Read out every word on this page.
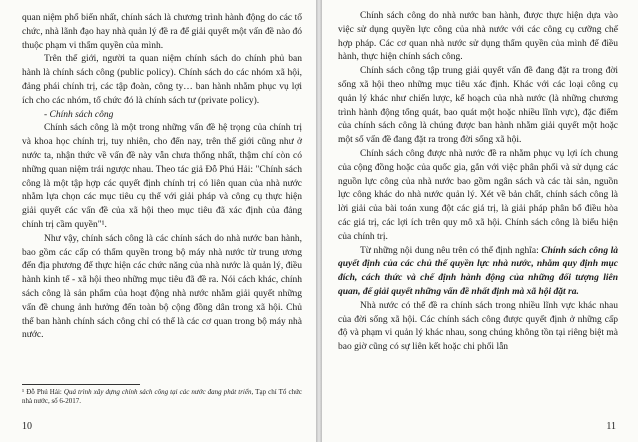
quan niệm phổ biến nhất, chính sách là chương trình hành động do các tổ chức, nhà lãnh đạo hay nhà quản lý đề ra để giải quyết một vấn đề nào đó thuộc phạm vi thẩm quyền của mình.

Trên thế giới, người ta quan niệm chính sách do chính phủ ban hành là chính sách công (public policy). Chính sách do các nhóm xã hội, đảng phái chính trị, các tập đoàn, công ty… ban hành nhằm phục vụ lợi ích cho các nhóm, tổ chức đó là chính sách tư (private policy).

- Chính sách công

Chính sách công là một trong những vấn đề hệ trọng của chính trị và khoa học chính trị, tuy nhiên, cho đến nay, trên thế giới cũng như ở nước ta, nhận thức về vấn đề này vẫn chưa thống nhất, thậm chí còn có những quan niệm trái ngược nhau. Theo tác giả Đỗ Phú Hải: "Chính sách công là một tập hợp các quyết định chính trị có liên quan của nhà nước nhằm lựa chọn các mục tiêu cụ thể với giải pháp và công cụ thực hiện giải quyết các vấn đề của xã hội theo mục tiêu đã xác định của đảng chính trị cầm quyền"¹.

Như vậy, chính sách công là các chính sách do nhà nước ban hành, bao gồm các cấp có thẩm quyền trong bộ máy nhà nước từ trung ương đến địa phương để thực hiện các chức năng của nhà nước là quản lý, điều hành kinh tế - xã hội theo những mục tiêu đã đề ra. Nói cách khác, chính sách công là sản phẩm của hoạt động nhà nước nhằm giải quyết những vấn đề chung ảnh hưởng đến toàn bộ cộng đồng dân trong xã hội. Chủ thể ban hành chính sách công chỉ có thể là các cơ quan trong bộ máy nhà nước.

¹ Đỗ Phú Hải: Quá trình xây dựng chính sách công tại các nước đang phát triển, Tạp chí Tổ chức nhà nước, số 6-2017.
10

Chính sách công do nhà nước ban hành, được thực hiện dựa vào việc sử dụng quyền lực công của nhà nước với các công cụ cưỡng chế hợp pháp. Các cơ quan nhà nước sử dụng thẩm quyền của mình để điều hành, thực hiện chính sách công.

Chính sách công tập trung giải quyết vấn đề đang đặt ra trong đời sống xã hội theo những mục tiêu xác định. Khác với các loại công cụ quản lý khác như chiến lược, kế hoạch của nhà nước (là những chương trình hành động tổng quát, bao quát một hoặc nhiều lĩnh vực), đặc điểm của chính sách công là chúng được ban hành nhằm giải quyết một hoặc một số vấn đề đang đặt ra trong đời sống xã hội.

Chính sách công được nhà nước đề ra nhằm phục vụ lợi ích chung của cộng đồng hoặc của quốc gia, gắn với việc phân phối và sử dụng các nguồn lực công của nhà nước bao gồm ngân sách và các tài sản, nguồn lực công khác do nhà nước quản lý. Xét về bản chất, chính sách công là lời giải của bài toán xung đột các giá trị, là giải pháp phân bổ điều hòa các giá trị, các lợi ích trên quy mô xã hội. Chính sách công là biểu hiện của chính trị.

Từ những nội dung nêu trên có thể định nghĩa: Chính sách công là quyết định của các chủ thể quyền lực nhà nước, nhằm quy định mục đích, cách thức và chế định hành động của những đối tượng liên quan, để giải quyết những vấn đề nhất định mà xã hội đặt ra.

Nhà nước có thể đề ra chính sách trong nhiều lĩnh vực khác nhau của đời sống xã hội. Các chính sách công được quyết định ở những cấp độ và phạm vi quản lý khác nhau, song chúng không tồn tại riêng biệt mà bao giờ cũng có sự liên kết hoặc chi phối lẫn

11
